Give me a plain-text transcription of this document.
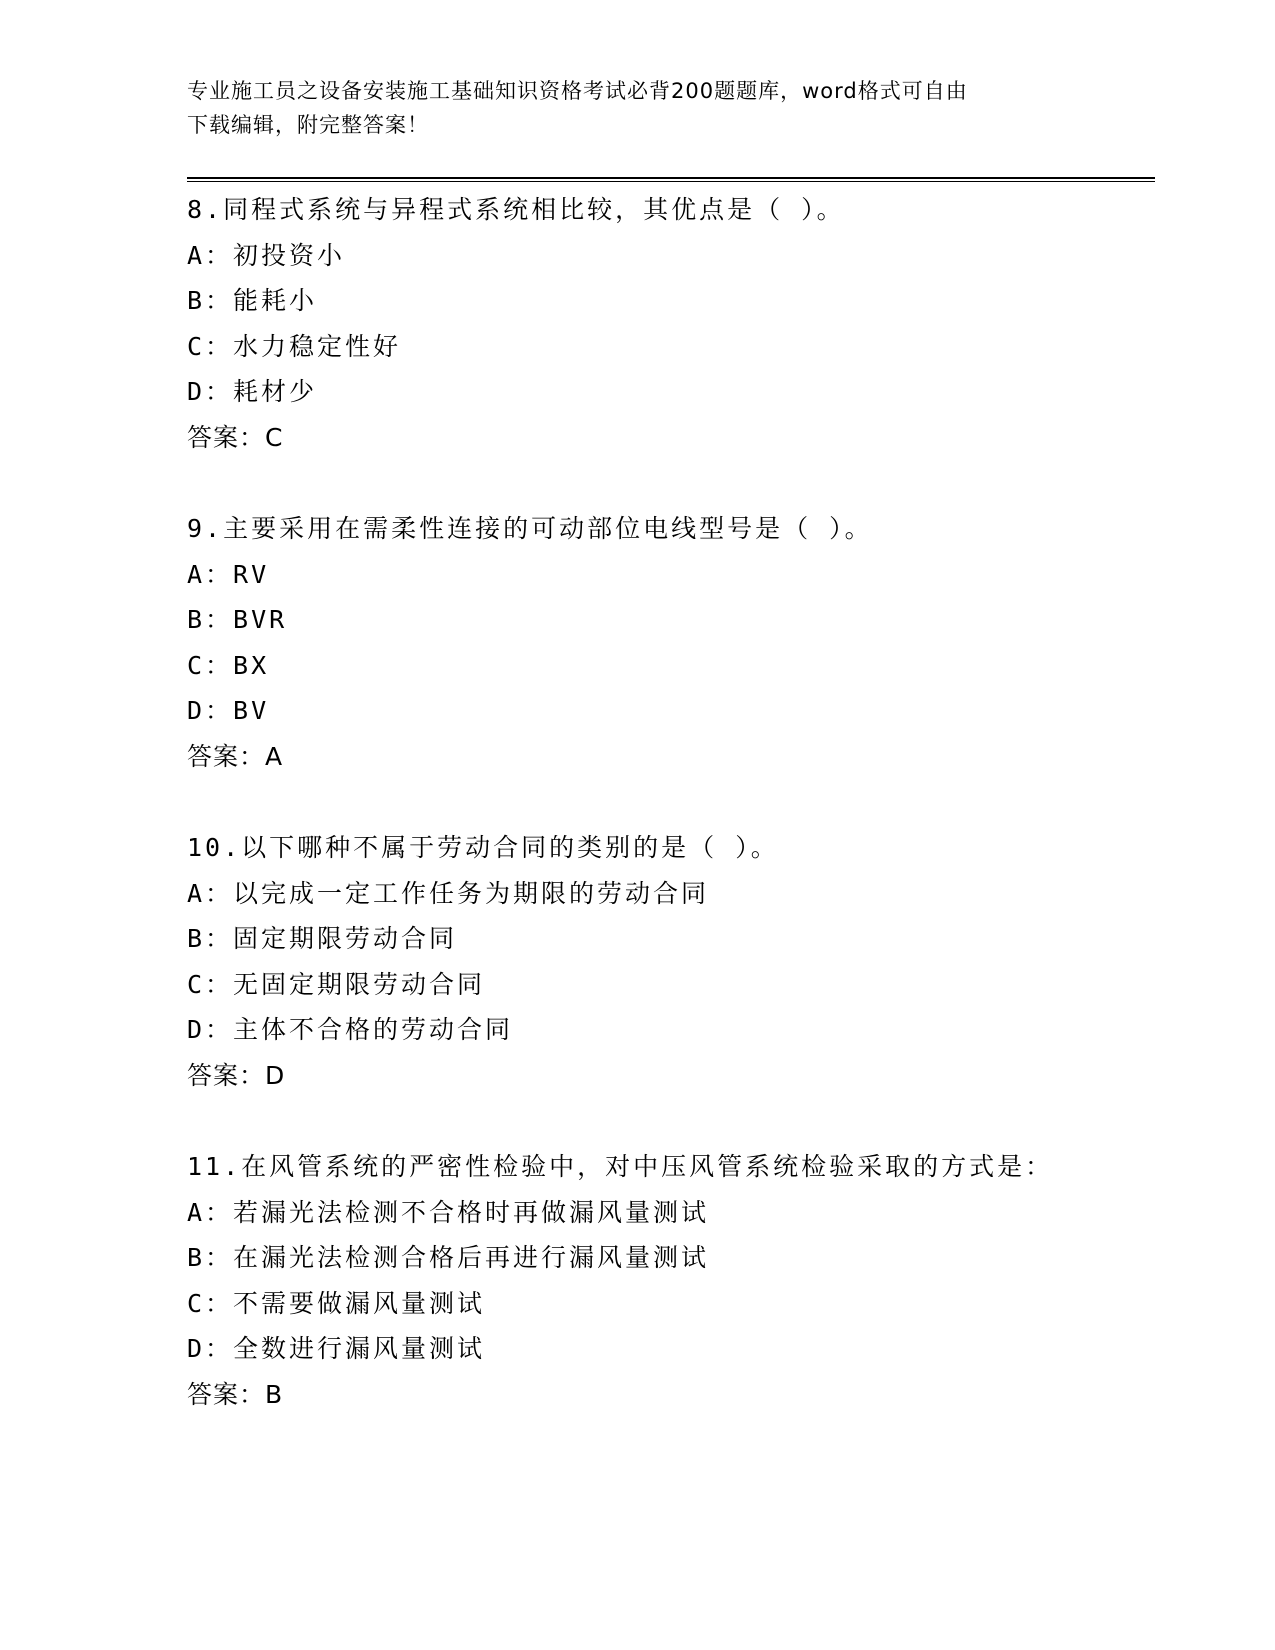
专业施工员之设备安装施工基础知识资格考试必背200题题库，word格式可自由
下载编辑，附完整答案！
8.同程式系统与异程式系统相比较，其优点是（ ）。
A：初投资小
B：能耗小
C：水力稳定性好
D：耗材少
答案：C
9.主要采用在需柔性连接的可动部位电线型号是（ ）。
A：RV
B：BVR
C：BX
D：BV
答案：A
10.以下哪种不属于劳动合同的类别的是（ ）。
A：以完成一定工作任务为期限的劳动合同
B：固定期限劳动合同
C：无固定期限劳动合同
D：主体不合格的劳动合同
答案：D
11.在风管系统的严密性检验中，对中压风管系统检验采取的方式是：
A：若漏光法检测不合格时再做漏风量测试
B：在漏光法检测合格后再进行漏风量测试
C：不需要做漏风量测试
D：全数进行漏风量测试
答案：B
